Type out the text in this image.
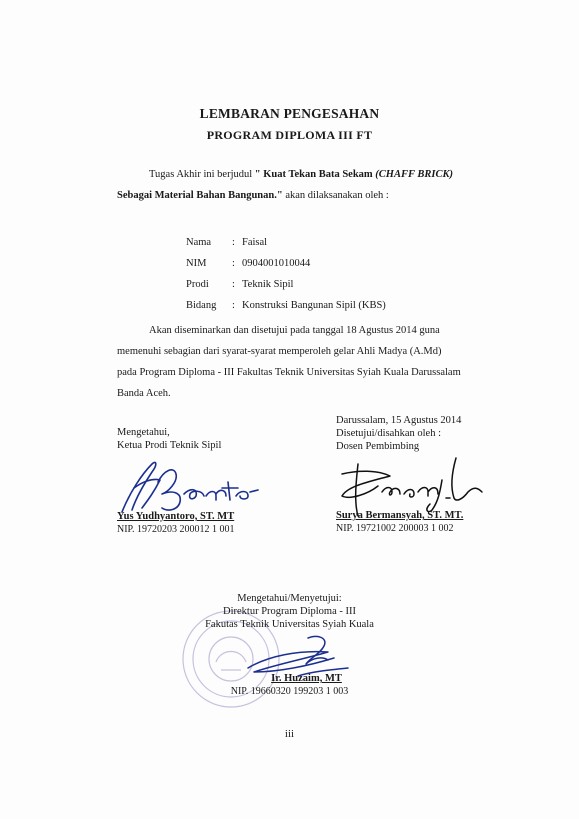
LEMBARAN PENGESAHAN
PROGRAM DIPLOMA III FT
Tugas Akhir ini berjudul " Kuat Tekan Bata Sekam (CHAFF BRICK)
Sebagai Material Bahan Bangunan." akan dilaksanakan oleh :
Nama : Faisal
NIM : 0904001010044
Prodi : Teknik Sipil
Bidang : Konstruksi Bangunan Sipil (KBS)
Akan diseminarkan dan disetujui pada tanggal 18 Agustus 2014 guna
memenuhi sebagian dari syarat-syarat memperoleh gelar Ahli Madya (A.Md)
pada Program Diploma - III Fakultas Teknik Universitas Syiah Kuala Darussalam
Banda Aceh.
Mengetahui,
Ketua Prodi Teknik Sipil
Yus Yudhyantoro, ST. MT
NIP. 19720203 200012 1 001
Darussalam, 15 Agustus 2014
Disetujui/disahkan oleh :
Dosen Pembimbing
Surya Bermansyah, ST. MT.
NIP. 19721002 200003 1 002
Mengetahui/Menyetujui:
Direktur Program Diploma - III
Fakutas Teknik Universitas Syiah Kuala
Ir. Huzaim, MT
NIP. 19660320 199203 1 003
iii
